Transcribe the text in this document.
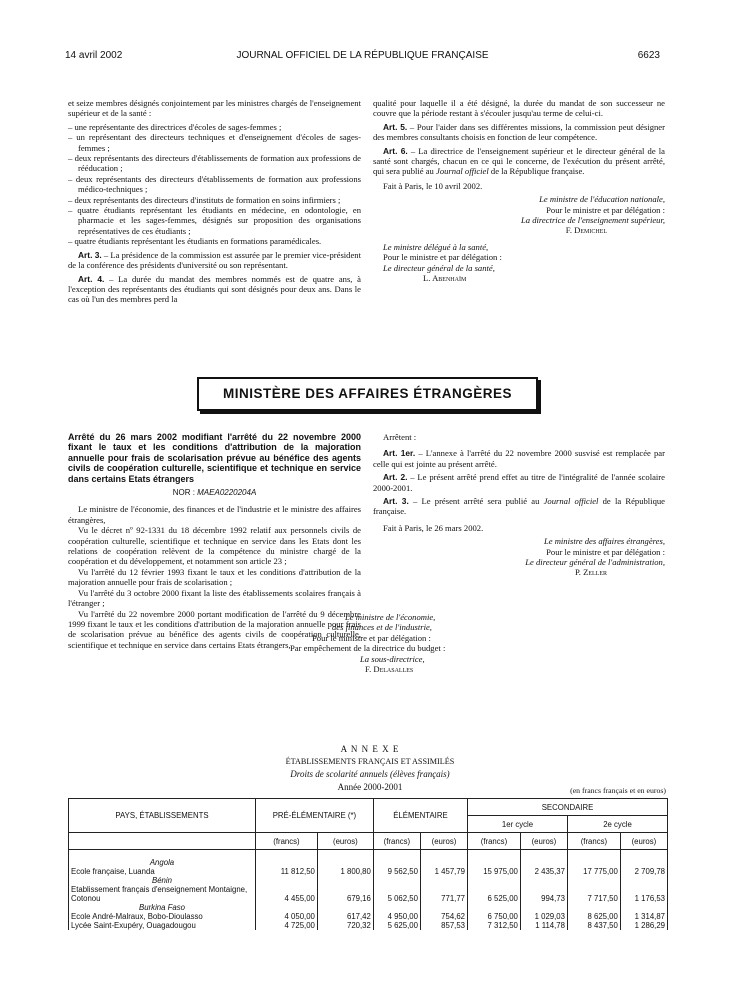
14 avril 2002	JOURNAL OFFICIEL DE LA RÉPUBLIQUE FRANÇAISE	6623

et seize membres désignés conjointement par les ministres chargés de l'enseignement supérieur et de la santé :

– une représentante des directrices d'écoles de sages-femmes ;
– un représentant des directeurs techniques et d'enseignement d'écoles de sages-femmes ;
– deux représentants des directeurs d'établissements de formation aux professions de rééducation ;
– deux représentants des directeurs d'établissements de formation aux professions médico-techniques ;
– deux représentants des directeurs d'instituts de formation en soins infirmiers ;
– quatre étudiants représentant les étudiants en médecine, en odontologie, en pharmacie et les sages-femmes, désignés sur proposition des organisations représentatives de ces étudiants ;
– quatre étudiants représentant les étudiants en formations paramédicales.

Art. 3. – La présidence de la commission est assurée par le premier vice-président de la conférence des présidents d'université ou son représentant.

Art. 4. – La durée du mandat des membres nommés est de quatre ans, à l'exception des représentants des étudiants qui sont désignés pour deux ans. Dans le cas où l'un des membres perd la

qualité pour laquelle il a été désigné, la durée du mandat de son successeur ne couvre que la période restant à s'écouler jusqu'au terme de celui-ci.

Art. 5. – Pour l'aider dans ses différentes missions, la commission peut désigner des membres consultants choisis en fonction de leur compétence.

Art. 6. – La directrice de l'enseignement supérieur et le directeur général de la santé sont chargés, chacun en ce qui le concerne, de l'exécution du présent arrêté, qui sera publié au Journal officiel de la République française.

Fait à Paris, le 10 avril 2002.

Le ministre de l'éducation nationale,
Pour le ministre et par délégation :
La directrice de l'enseignement supérieur,
F. Demichel
Le ministre délégué à la santé,
Pour le ministre et par délégation :
Le directeur général de la santé,
L. Abenhaïm
MINISTÈRE DES AFFAIRES ÉTRANGÈRES
Arrêté du 26 mars 2002 modifiant l'arrêté du 22 novembre 2000 fixant le taux et les conditions d'attribution de la majoration annuelle pour frais de scolarisation prévue au bénéfice des agents civils de coopération culturelle, scientifique et technique en service dans certains Etats étrangers
NOR : MAEA0220204A

Le ministre de l'économie, des finances et de l'industrie et le ministre des affaires étrangères,

Vu le décret nº 92-1331 du 18 décembre 1992 relatif aux personnels civils de coopération culturelle, scientifique et technique en service dans les Etats dont les relations de coopération relèvent de la compétence du ministre chargé de la coopération et du développement, et notamment son article 23 ;

Vu l'arrêté du 12 février 1993 fixant le taux et les conditions d'attribution de la majoration annuelle pour frais de scolarisation ;

Vu l'arrêté du 3 octobre 2000 fixant la liste des établissements scolaires français à l'étranger ;

Vu l'arrêté du 22 novembre 2000 portant modification de l'arrêté du 9 décembre 1999 fixant le taux et les conditions d'attribution de la majoration annuelle pour frais de scolarisation prévue au bénéfice des agents civils de coopération culturelle, scientifique et technique en service dans certains Etats étrangers,

Arrêtent :

Art. 1er. – L'annexe à l'arrêté du 22 novembre 2000 susvisé est remplacée par celle qui est jointe au présent arrêté.

Art. 2. – Le présent arrêté prend effet au titre de l'intégralité de l'année scolaire 2000-2001.

Art. 3. – Le présent arrêté sera publié au Journal officiel de la République française.

Fait à Paris, le 26 mars 2002.

Le ministre des affaires étrangères,
Pour le ministre et par délégation :
Le directeur général de l'administration,
P. Zeller
Le ministre de l'économie,
des finances et de l'industrie,
Pour le ministre et par délégation :
Par empêchement de la directrice du budget :
La sous-directrice,
F. Delasalles
A N N E X E
ÉTABLISSEMENTS FRANÇAIS ET ASSIMILÉS
Droits de scolarité annuels (élèves français)
Année 2000-2001	(en francs français et en euros)
PAYS, ÉTABLISSEMENTS	PRÉ-ÉLÉMENTAIRE (*)		ÉLÉMENTAIRE		SECONDAIRE			
					1er cycle		2e cycle	
	(francs)	(euros)	(francs)	(euros)	(francs)	(euros)	(francs)	(euros)

Angola								
Ecole française, Luanda	11 812,50	1 800,80	9 562,50	1 457,79	15 975,00	2 435,37	17 775,00	2 709,78
Bénin								
Etablissement français d'enseignement Montaigne, Cotonou	4 455,00	679,16	5 062,50	771,77	6 525,00	994,73	7 717,50	1 176,53
Burkina Faso								
Ecole André-Malraux, Bobo-Dioulasso	4 050,00	617,42	4 950,00	754,62	6 750,00	1 029,03	8 625,00	1 314,87
Lycée Saint-Exupéry, Ouagadougou	4 725,00	720,32	5 625,00	857,53	7 312,50	1 114,78	8 437,50	1 286,29
